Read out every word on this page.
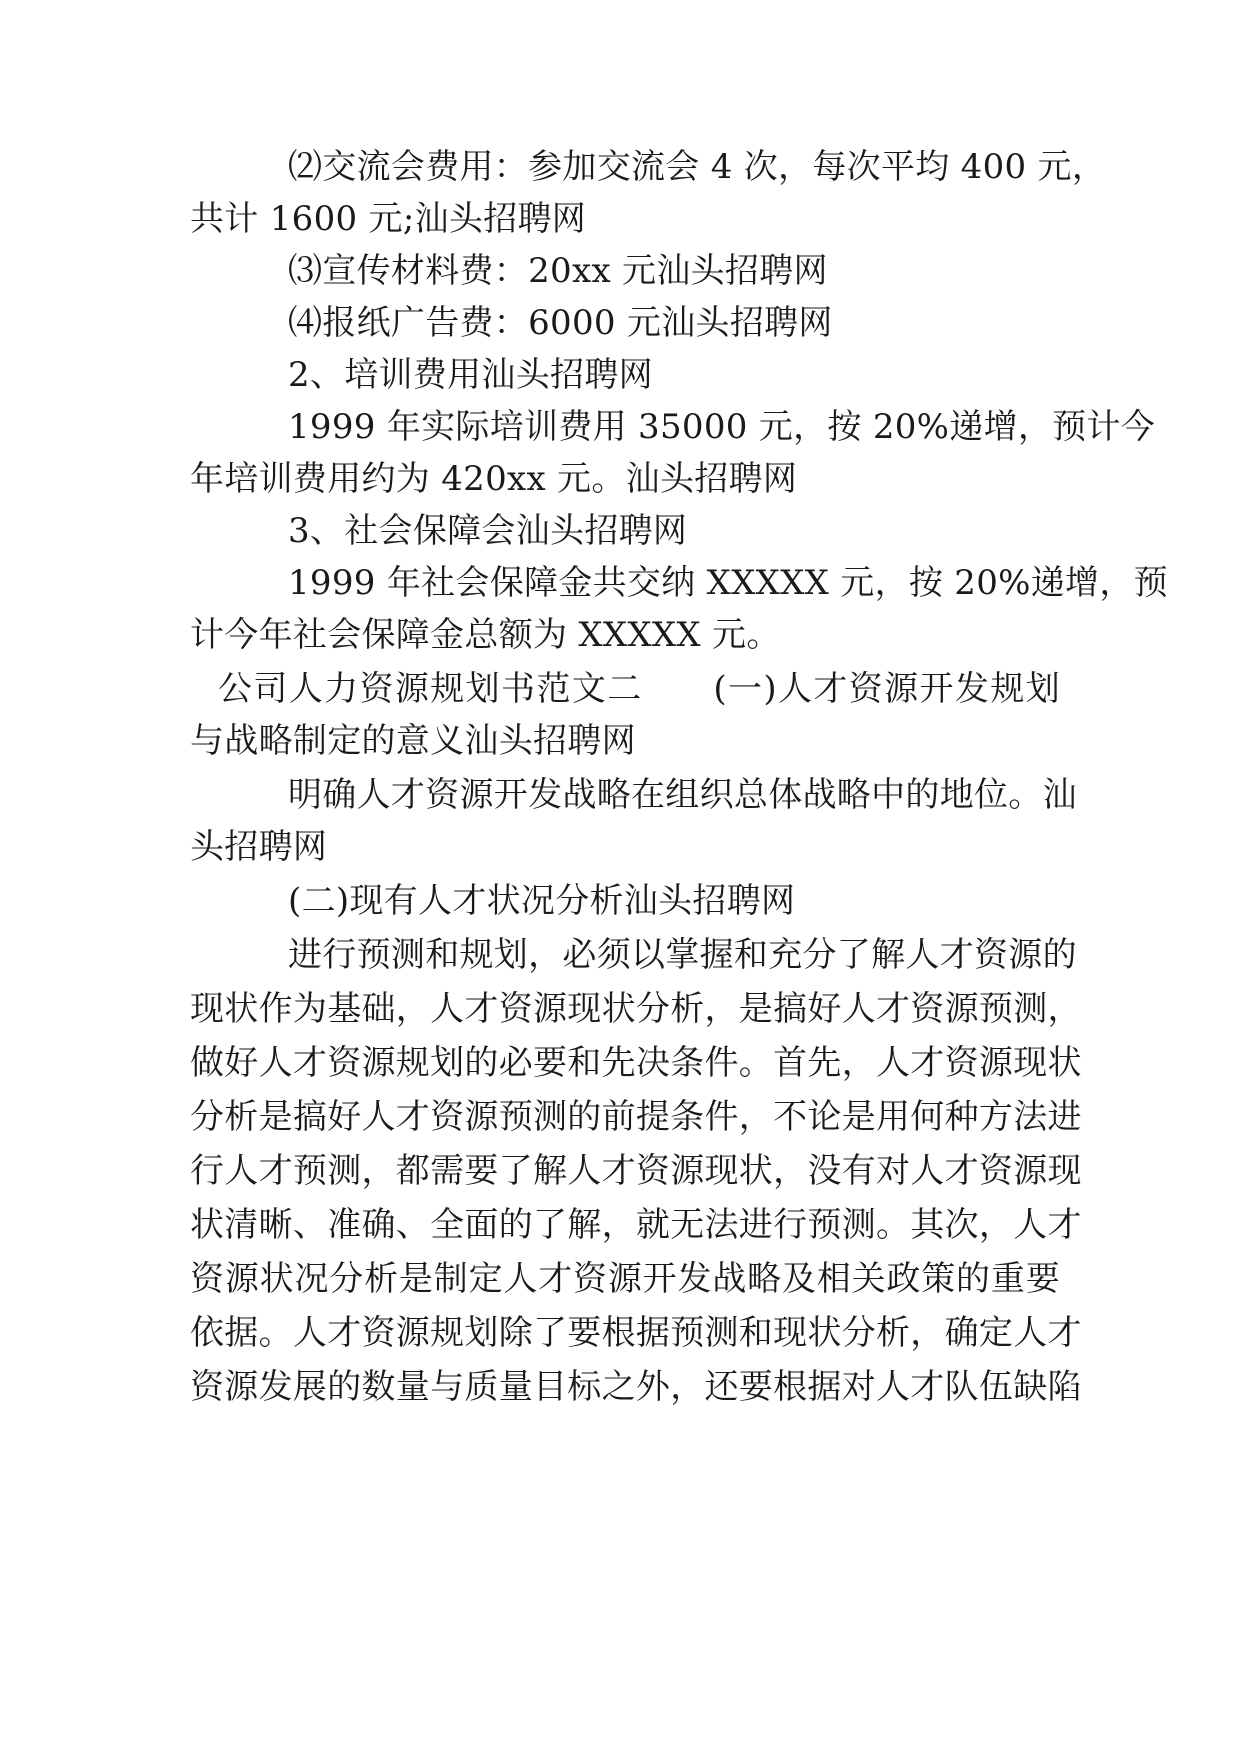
⑵交流会费用：参加交流会 4 次，每次平均 400 元，
共计 1600 元;汕头招聘网
⑶宣传材料费：20xx 元汕头招聘网
⑷报纸广告费：6000 元汕头招聘网
2、培训费用汕头招聘网
1999 年实际培训费用 35000 元，按 20%递增，预计今
年培训费用约为 420xx 元。汕头招聘网
3、社会保障会汕头招聘网
1999 年社会保障金共交纳 XXXXX 元，按 20%递增，预
计今年社会保障金总额为 XXXXX 元。
公司人力资源规划书范文二　　(一)人才资源开发规划
与战略制定的意义汕头招聘网
明确人才资源开发战略在组织总体战略中的地位。汕
头招聘网
(二)现有人才状况分析汕头招聘网
进行预测和规划，必须以掌握和充分了解人才资源的
现状作为基础，人才资源现状分析，是搞好人才资源预测，
做好人才资源规划的必要和先决条件。首先，人才资源现状
分析是搞好人才资源预测的前提条件，不论是用何种方法进
行人才预测，都需要了解人才资源现状，没有对人才资源现
状清晰、准确、全面的了解，就无法进行预测。其次，人才
资源状况分析是制定人才资源开发战略及相关政策的重要
依据。人才资源规划除了要根据预测和现状分析，确定人才
资源发展的数量与质量目标之外，还要根据对人才队伍缺陷
